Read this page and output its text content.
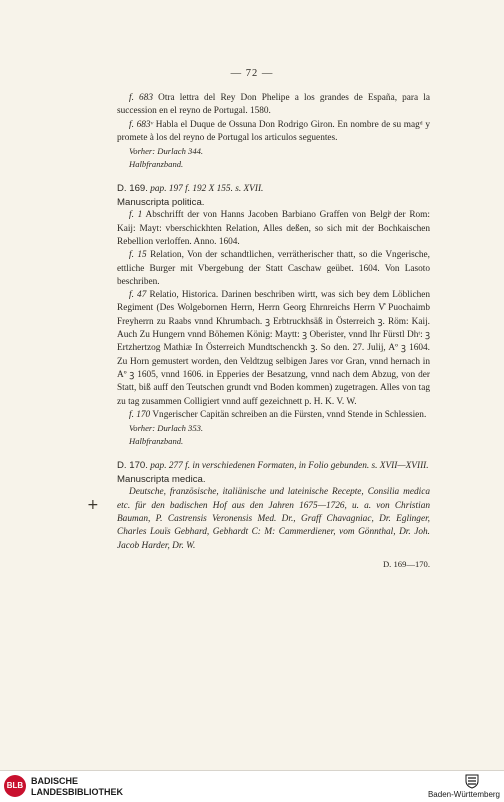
— 72 —

f. 683 Otra lettra del Rey Don Phelipe a los grandes de España, para la succession en el reyno de Portugal. 1580.

f. 683ᵛ Habla el Duque de Ossuna Don Rodrigo Giron. En nombre de su magᵈ y promete à los del reyno de Portugal los articulos seguentes.

Vorher: Durlach 344.

Halbfranzband.

D. 169. pap. 197 f. 192 X 155. s. XVII.

Manuscripta politica.

f. 1 Abschrifft der von Hanns Jacoben Barbiano Graffen von Belgiͦ der Rom: Kaij: Mayt: vberschickhten Relation, Alles deßen, so sich mit der Bochkaischen Rebellion verloffen. Anno. 1604.

f. 15 Relation, Von der schandtlichen, verrätherischer thatt, so die Vngerische, ettliche Burger mit Vbergebung der Statt Caschaw geübet. 1604. Von Lasoto beschriben.

f. 47 Relatio, Historica. Darinen beschriben wirtt, was sich bey dem Löblichen Regiment (Des Wolgebornen Herrn, Herrn Georg Ehrnreichs Herrn V̊ Puochaimb Freyherrn zu Raabs vnnd Khrumbach. ꝫ Erbtruckhsäß in Österreich ꝫ. Röm: Kaij. Auch Zu Hungern vnnd Böhemen König: Maytt: ꝫ Oberister, vnnd Ihr Fürstl Dhᵗ: ꝫ Ertzhertzog Mathiæ In Österreich Mundtschenckh ꝫ. So den. 27. Julij, Aº ꝫ 1604. Zu Horn gemustert worden, den Veldtzug selbigen Jares vor Gran, vnnd hernach in Aº ꝫ 1605, vnnd 1606. in Epperies der Besatzung, vnnd nach dem Abzug, von der Statt, biß auff den Teutschen grundt vnd Boden kommen) zugetragen. Alles von tag zu tag zusammen Colligiert vnnd auff gezeichnett p. H. K. V. W.

f. 170 Vngerischer Capitän schreiben an die Fürsten, vnnd Stende in Schlessien.

Vorher: Durlach 353.

Halbfranzband.

D. 170. pap. 277 f. in verschiedenen Formaten, in Folio gebunden. s. XVII—XVIII.

Manuscripta medica.

Deutsche, französische, italiänische und lateinische Recepte, Consilia medica etc. für den badischen Hof aus den Jahren 1675—1726, u. a. von Christian Bauman, P. Castrensis Veronensis Med. Dr., Graff Chavagniac, Dr. Eglinger, Charles Louïs Gebhard, Gebhardt C: M: Cammerdiener, vom Gönnthal, Dr. Joh. Jacob Harder, Dr. W.

D. 169—170.

+
BLB BADISCHE
LANDESBIBLIOTHEK	Baden-Württemberg
